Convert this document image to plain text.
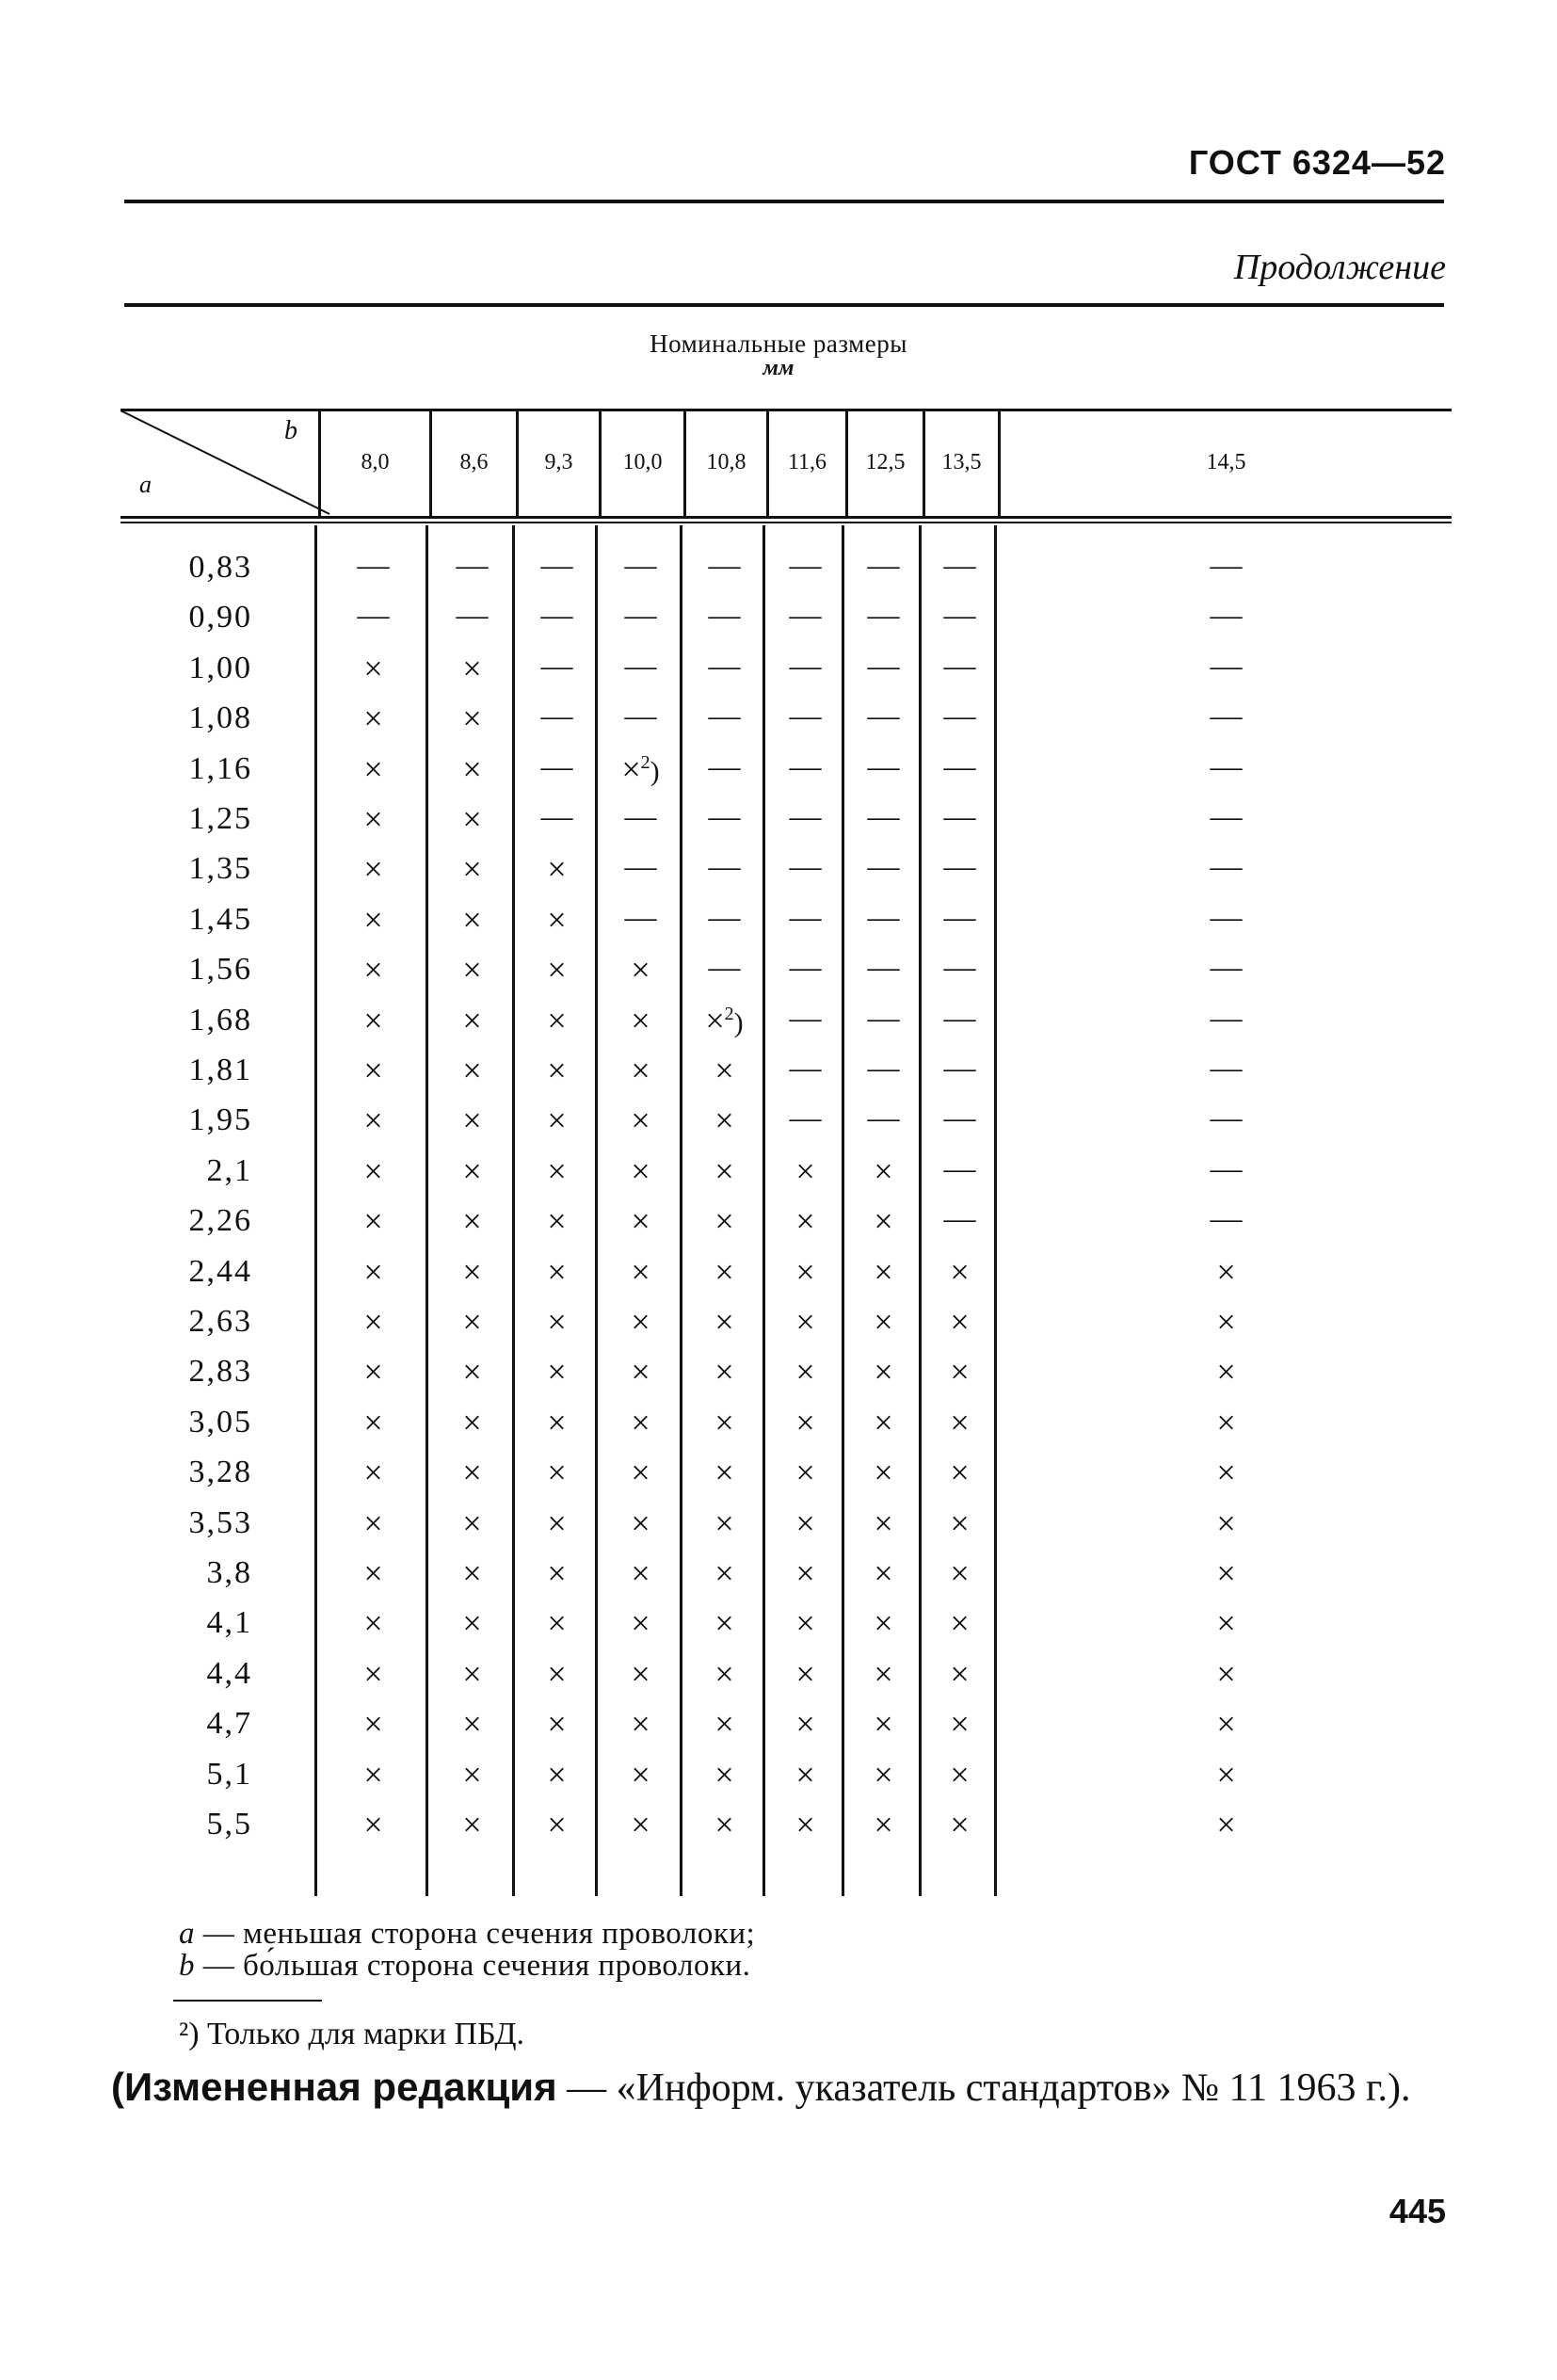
ГОСТ 6324—52
Продолжение
Номинальные размеры
мм
b
a
8,0	8,6	9,3	10,0	10,8	11,6	12,5	13,5	14,5
0,83	—	—	—	—	—	—	—	—	—
0,90	—	—	—	—	—	—	—	—	—
1,00	×	×	—	—	—	—	—	—	—
1,08	×	×	—	—	—	—	—	—	—
1,16	×	×	—	×$^2$)	—	—	—	—	—
1,25	×	×	—	—	—	—	—	—	—
1,35	×	×	×	—	—	—	—	—	—
1,45	×	×	×	—	—	—	—	—	—
1,56	×	×	×	×	—	—	—	—	—
1,68	×	×	×	×	×$^2$)	—	—	—	—
1,81	×	×	×	×	×	—	—	—	—
1,95	×	×	×	×	×	—	—	—	—
2,1	×	×	×	×	×	×	×	—	—
2,26	×	×	×	×	×	×	×	—	—
2,44	×	×	×	×	×	×	×	×	×
2,63	×	×	×	×	×	×	×	×	×
2,83	×	×	×	×	×	×	×	×	×
3,05	×	×	×	×	×	×	×	×	×
3,28	×	×	×	×	×	×	×	×	×
3,53	×	×	×	×	×	×	×	×	×
3,8	×	×	×	×	×	×	×	×	×
4,1	×	×	×	×	×	×	×	×	×
4,4	×	×	×	×	×	×	×	×	×
4,7	×	×	×	×	×	×	×	×	×
5,1	×	×	×	×	×	×	×	×	×
5,5	×	×	×	×	×	×	×	×	×
a — меньшая сторона сечения проволоки;
b — бо́льшая сторона сечения проволоки.
²) Только для марки ПБД.
(Измененная редакция — «Информ. указатель стандартов» № 11 1963 г.).
445
